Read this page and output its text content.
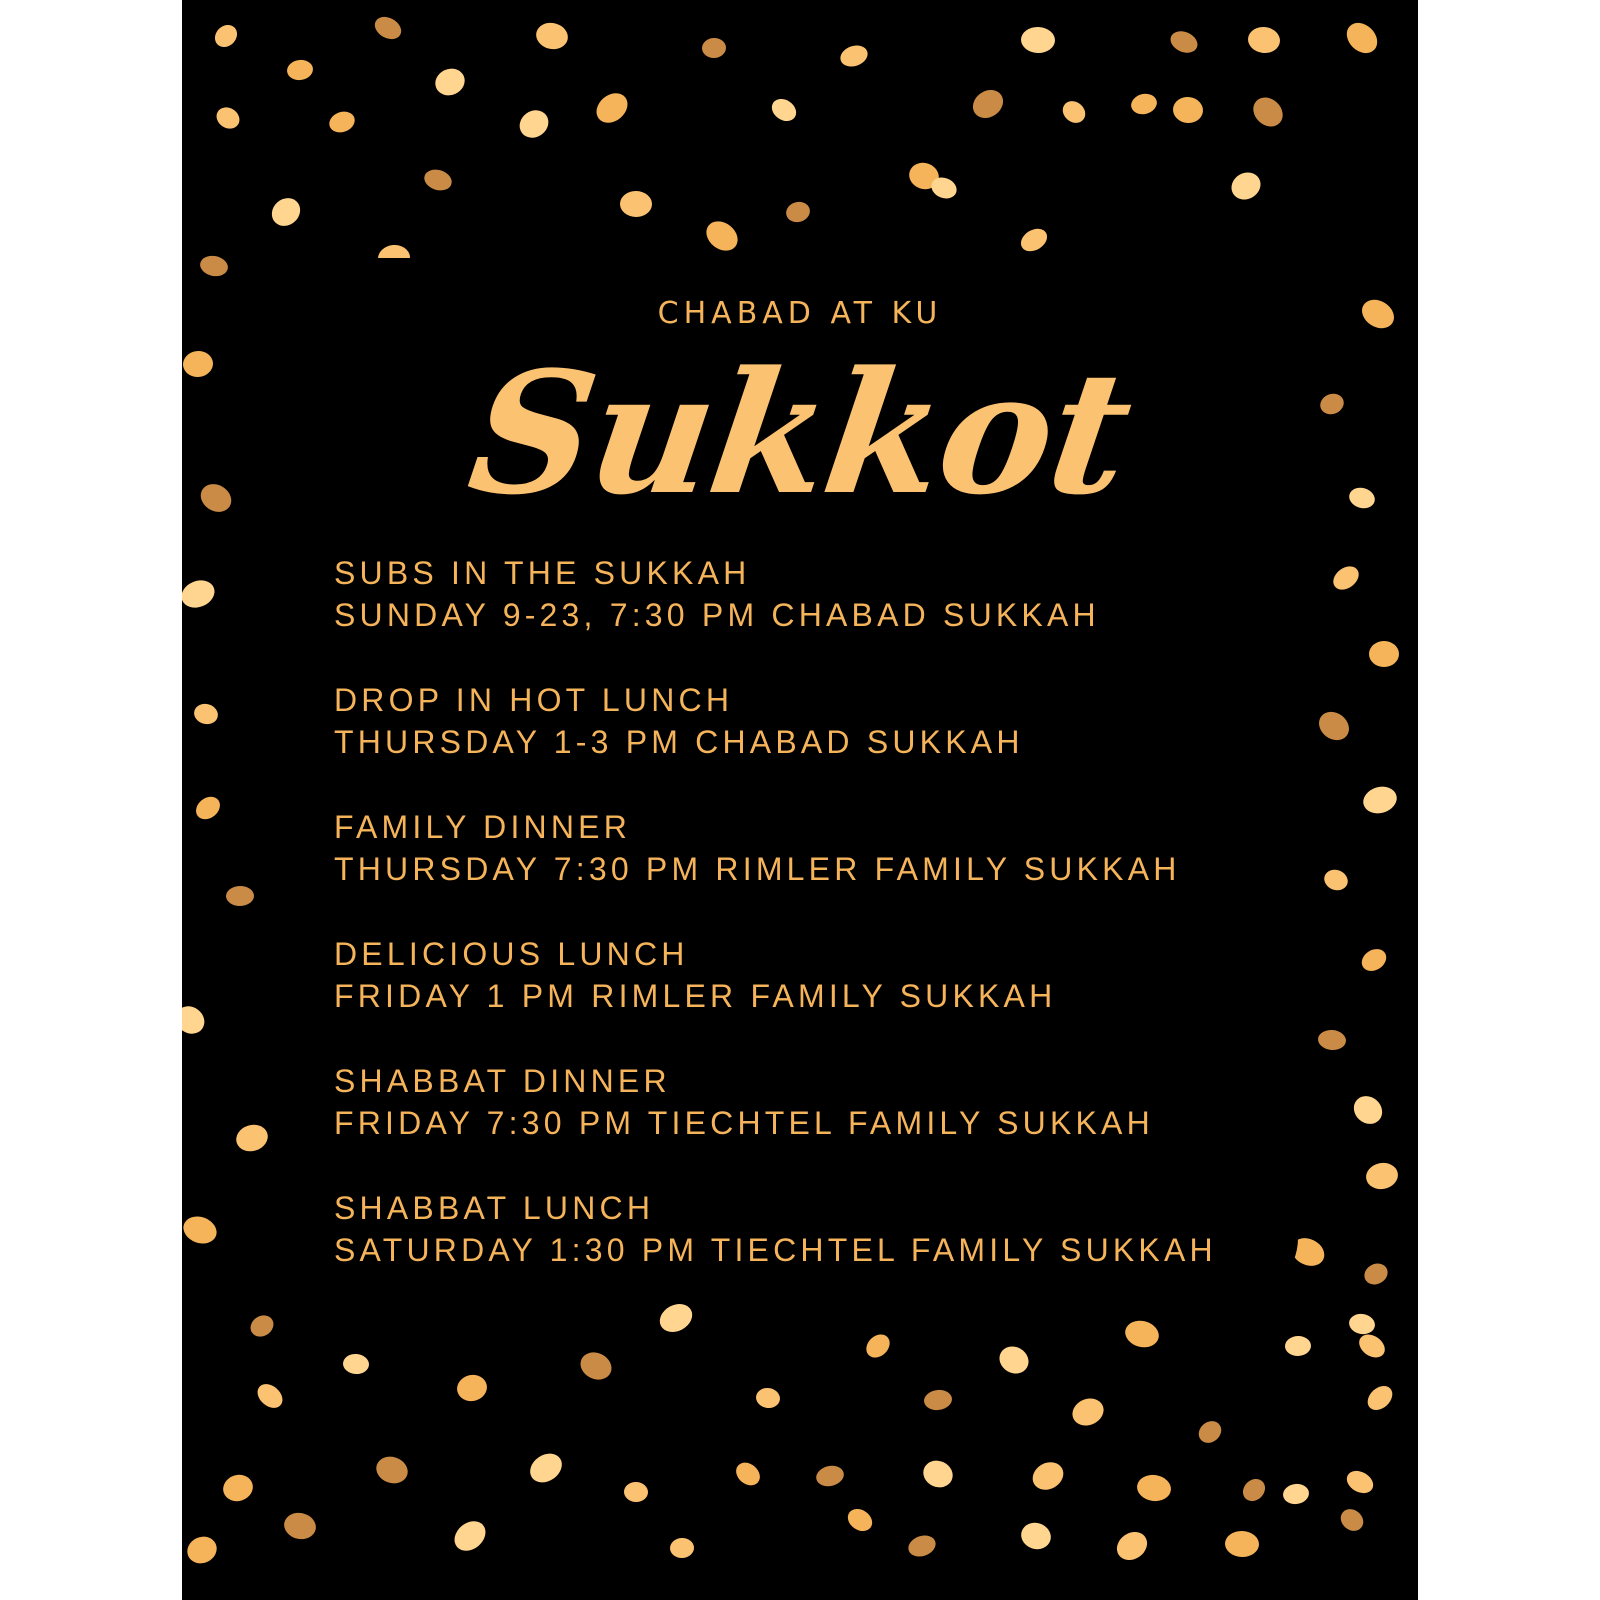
CHABAD AT KU
Sukkot
SUBS IN THE SUKKAH
SUNDAY 9-23, 7:30 PM CHABAD SUKKAH
DROP IN HOT LUNCH
THURSDAY 1-3 PM CHABAD SUKKAH
FAMILY DINNER
THURSDAY 7:30 PM RIMLER FAMILY SUKKAH
DELICIOUS LUNCH
FRIDAY 1 PM RIMLER FAMILY SUKKAH
SHABBAT DINNER
FRIDAY 7:30 PM TIECHTEL FAMILY SUKKAH
SHABBAT LUNCH
SATURDAY 1:30 PM TIECHTEL FAMILY SUKKAH
